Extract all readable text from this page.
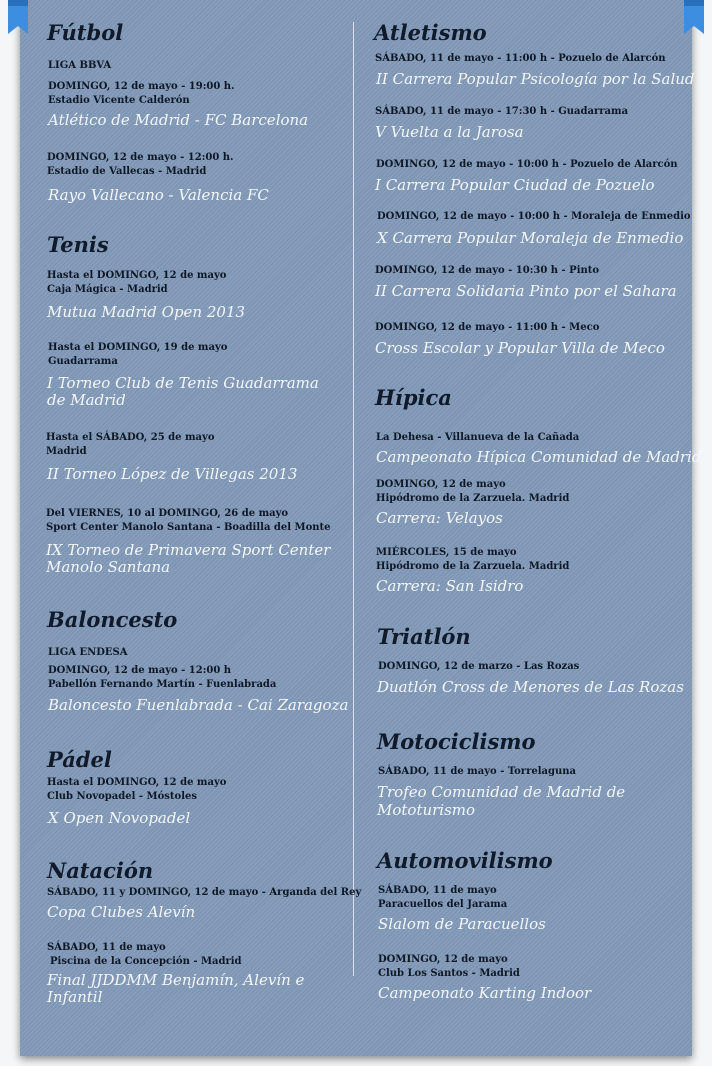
Fútbol

LIGA BBVA

DOMINGO, 12 de mayo - 19:00 h.

Estadio Vicente Calderón

Atlético de Madrid - FC Barcelona

DOMINGO, 12 de mayo - 12:00 h.

Estadio de Vallecas - Madrid

Rayo Vallecano - Valencia FC

Tenis

Hasta el DOMINGO, 12 de mayo

Caja Mágica - Madrid

Mutua Madrid Open 2013

Hasta el DOMINGO, 19 de mayo

Guadarrama

I Torneo Club de Tenis Guadarrama

de Madrid

Hasta el SÁBADO, 25 de mayo

Madrid

II Torneo López de Villegas 2013

Del VIERNES, 10 al DOMINGO, 26 de mayo

Sport Center Manolo Santana - Boadilla del Monte

IX Torneo de Primavera Sport Center

Manolo Santana

Baloncesto

LIGA ENDESA

DOMINGO, 12 de mayo - 12:00 h

Pabellón Fernando Martín - Fuenlabrada

Baloncesto Fuenlabrada - Cai Zaragoza

Pádel

Hasta el DOMINGO, 12 de mayo

Club Novopadel - Móstoles

X Open Novopadel

Natación

SÁBADO, 11 y DOMINGO, 12 de mayo - Arganda del Rey

Copa Clubes Alevín

SÁBADO, 11 de mayo

Piscina de la Concepción - Madrid

Final JJDDMM Benjamín, Alevín e

Infantil

Atletismo

SÁBADO, 11 de mayo - 11:00 h - Pozuelo de Alarcón

II Carrera Popular Psicología por la Salud

SÁBADO, 11 de mayo - 17:30 h - Guadarrama

V Vuelta a la Jarosa

DOMINGO, 12 de mayo - 10:00 h - Pozuelo de Alarcón

I Carrera Popular Ciudad de Pozuelo

DOMINGO, 12 de mayo - 10:00 h - Moraleja de Enmedio

X Carrera Popular Moraleja de Enmedio

DOMINGO, 12 de mayo - 10:30 h - Pinto

II Carrera Solidaria Pinto por el Sahara

DOMINGO, 12 de mayo - 11:00 h - Meco

Cross Escolar y Popular Villa de Meco

Hípica

La Dehesa - Villanueva de la Cañada

Campeonato Hípica Comunidad de Madrid

DOMINGO, 12 de mayo

Hipódromo de la Zarzuela. Madrid

Carrera: Velayos

MIÉRCOLES, 15 de mayo

Hipódromo de la Zarzuela. Madrid

Carrera: San Isidro

Triatlón

DOMINGO, 12 de marzo - Las Rozas

Duatlón Cross de Menores de Las Rozas

Motociclismo

SÁBADO, 11 de mayo - Torrelaguna

Trofeo Comunidad de Madrid de

Mototurismo

Automovilismo

SÁBADO, 11 de mayo

Paracuellos del Jarama

Slalom de Paracuellos

DOMINGO, 12 de mayo

Club Los Santos - Madrid

Campeonato Karting Indoor
